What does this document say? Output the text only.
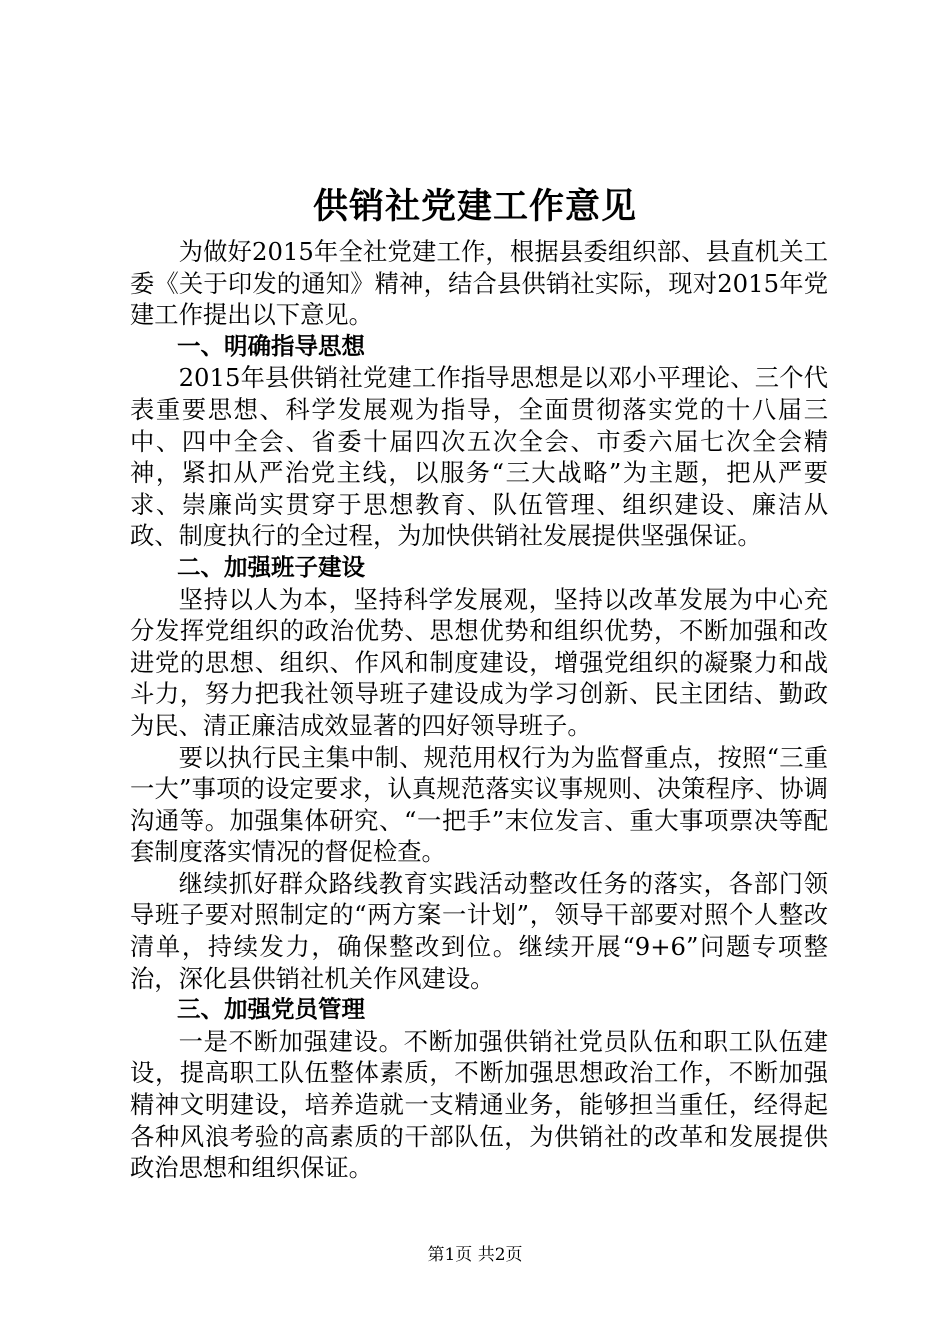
供销社党建工作意见

为做好2015年全社党建工作，根据县委组织部、县直机关工委《关于印发的通知》精神，结合县供销社实际，现对2015年党建工作提出以下意见。

一、明确指导思想

2015年县供销社党建工作指导思想是以邓小平理论、三个代表重要思想、科学发展观为指导，全面贯彻落实党的十八届三中、四中全会、省委十届四次五次全会、市委六届七次全会精神，紧扣从严治党主线，以服务“三大战略”为主题，把从严要求、崇廉尚实贯穿于思想教育、队伍管理、组织建设、廉洁从政、制度执行的全过程，为加快供销社发展提供坚强保证。

二、加强班子建设

坚持以人为本，坚持科学发展观，坚持以改革发展为中心充分发挥党组织的政治优势、思想优势和组织优势，不断加强和改进党的思想、组织、作风和制度建设，增强党组织的凝聚力和战斗力，努力把我社领导班子建设成为学习创新、民主团结、勤政为民、清正廉洁成效显著的四好领导班子。

要以执行民主集中制、规范用权行为为监督重点，按照“三重一大”事项的设定要求，认真规范落实议事规则、决策程序、协调沟通等。加强集体研究、“一把手”末位发言、重大事项票决等配套制度落实情况的督促检查。

继续抓好群众路线教育实践活动整改任务的落实，各部门领导班子要对照制定的“两方案一计划”，领导干部要对照个人整改清单，持续发力，确保整改到位。继续开展“9+6”问题专项整治，深化县供销社机关作风建设。

三、加强党员管理

一是不断加强建设。不断加强供销社党员队伍和职工队伍建设，提高职工队伍整体素质，不断加强思想政治工作，不断加强精神文明建设，培养造就一支精通业务，能够担当重任，经得起各种风浪考验的高素质的干部队伍，为供销社的改革和发展提供政治思想和组织保证。

第1页 共2页
